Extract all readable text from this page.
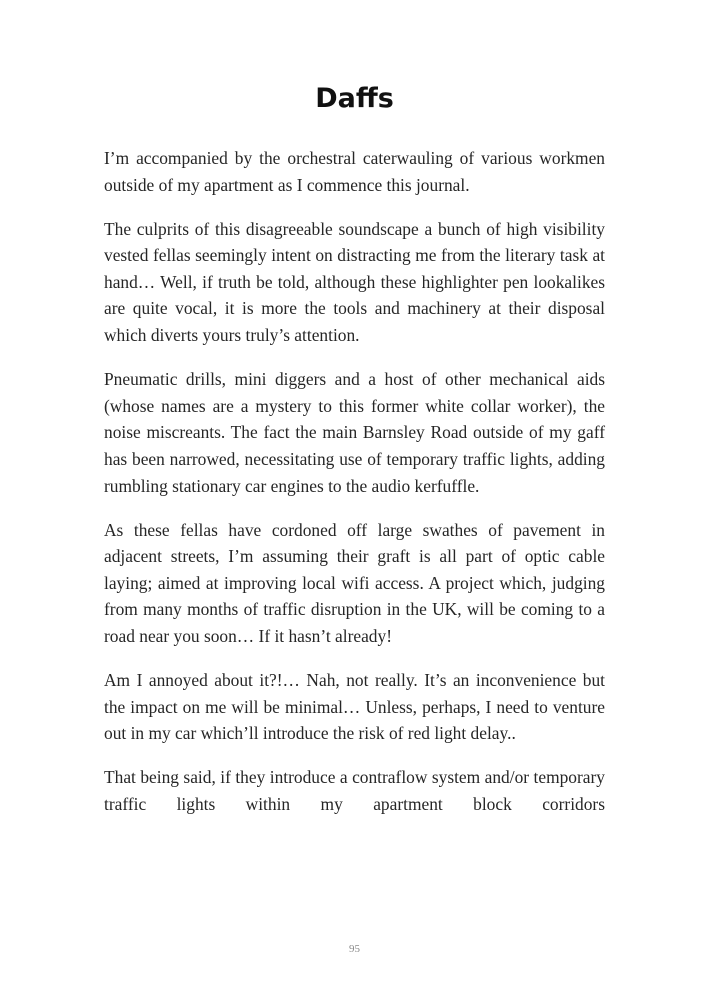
Daffs

I’m accompanied by the orchestral caterwauling of various workmen outside of my apartment as I commence this journal.

The culprits of this disagreeable soundscape a bunch of high visibility vested fellas seemingly intent on distracting me from the literary task at hand… Well, if truth be told, although these highlighter pen lookalikes are quite vocal, it is more the tools and machinery at their disposal which diverts yours truly’s attention.

Pneumatic drills, mini diggers and a host of other mechanical aids (whose names are a mystery to this former white collar worker), the noise miscreants. The fact the main Barnsley Road outside of my gaff has been narrowed, necessitating use of temporary traffic lights, adding rumbling stationary car engines to the audio kerfuffle.

As these fellas have cordoned off large swathes of pavement in adjacent streets, I’m assuming their graft is all part of optic cable laying; aimed at improving local wifi access. A project which, judging from many months of traffic disruption in the UK, will be coming to a road near you soon… If it hasn’t already!

Am I annoyed about it?!… Nah, not really. It’s an inconvenience but the impact on me will be minimal… Unless, perhaps, I need to venture out in my car which’ll introduce the risk of red light delay..

That being said, if they introduce a contraflow system and/or temporary traffic lights within my apartment block corridors

95
